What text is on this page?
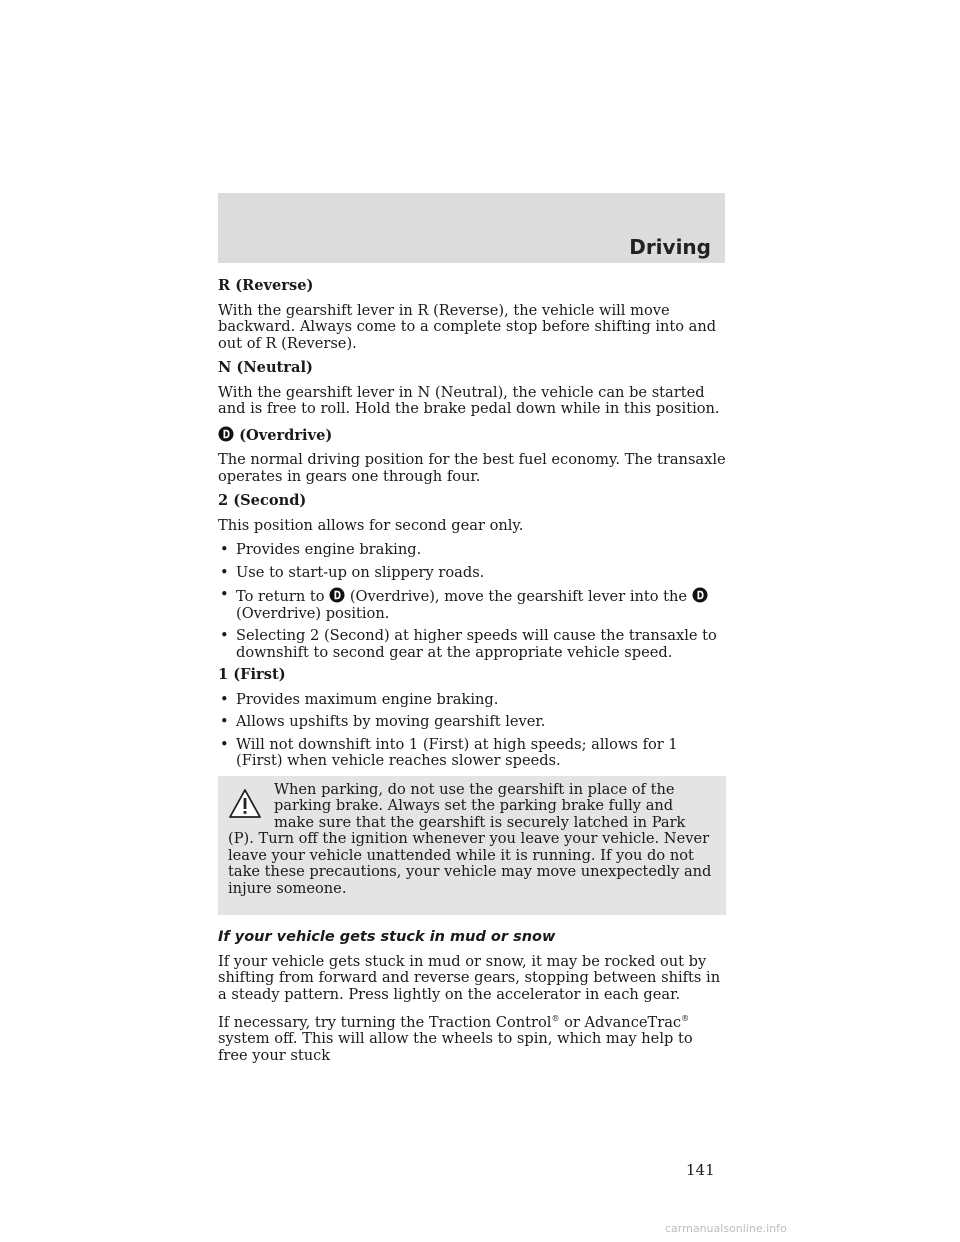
Driving

R (Reverse)

With the gearshift lever in R (Reverse), the vehicle will move backward. Always come to a complete stop before shifting into and out of R (Reverse).

N (Neutral)

With the gearshift lever in N (Neutral), the vehicle can be started and is free to roll. Hold the brake pedal down while in this position.

(Overdrive)

The normal driving position for the best fuel economy. The transaxle operates in gears one through four.

2 (Second)

This position allows for second gear only.

• Provides engine braking.
• Use to start-up on slippery roads.
• To return to (Overdrive), move the gearshift lever into the
(Overdrive) position.
• Selecting 2 (Second) at higher speeds will cause the transaxle to downshift to second gear at the appropriate vehicle speed.

1 (First)

• Provides maximum engine braking.
• Allows upshifts by moving gearshift lever.
• Will not downshift into 1 (First) at high speeds; allows for 1 (First) when vehicle reaches slower speeds.

When parking, do not use the gearshift in place of the parking brake. Always set the parking brake fully and make sure that the gearshift is securely latched in Park (P). Turn off the ignition whenever you leave your vehicle. Never leave your vehicle unattended while it is running. If you do not take these precautions, your vehicle may move unexpectedly and injure someone.

If your vehicle gets stuck in mud or snow

If your vehicle gets stuck in mud or snow, it may be rocked out by shifting from forward and reverse gears, stopping between shifts in a steady pattern. Press lightly on the accelerator in each gear.

If necessary, try turning the Traction Control® or AdvanceTrac® system off. This will allow the wheels to spin, which may help to free your stuck

141
carmanualsonline.info
